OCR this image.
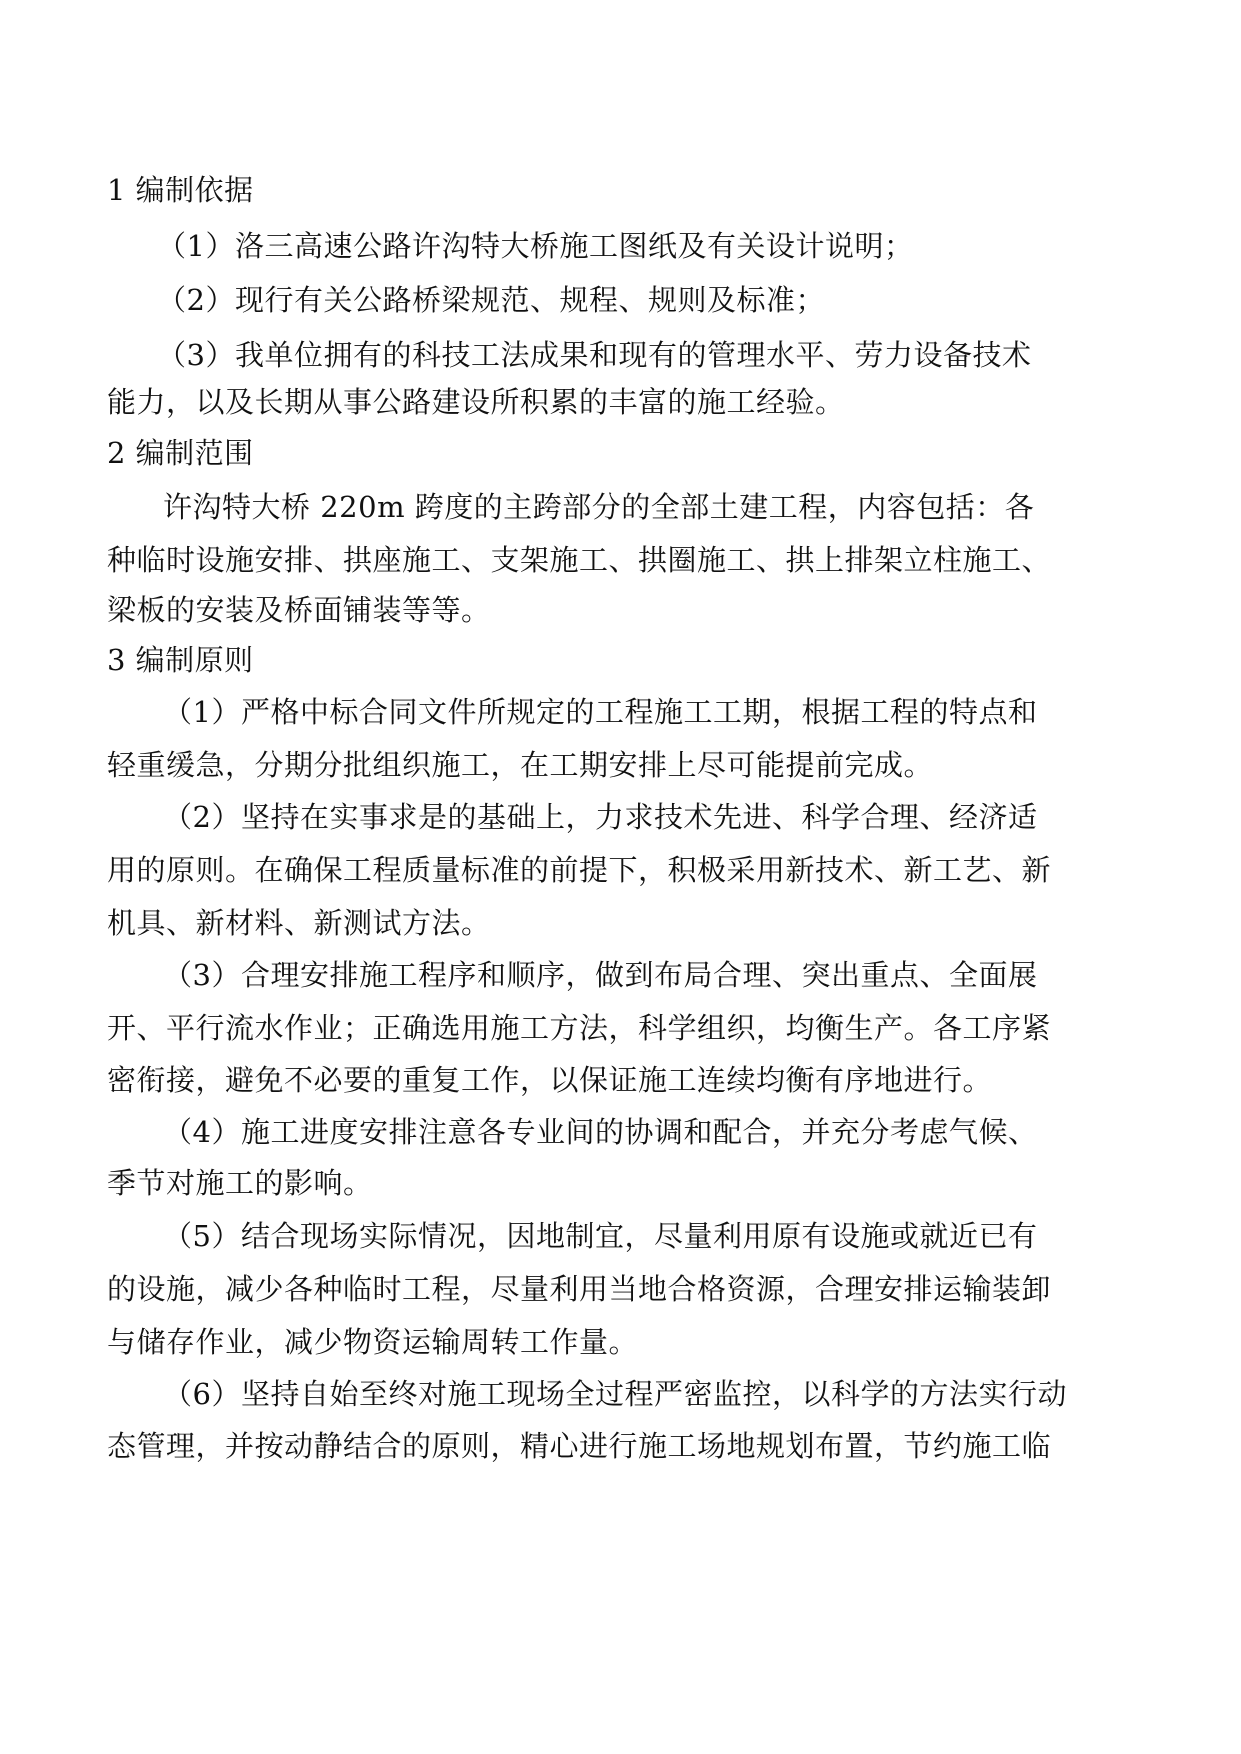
1 编制依据

（1）洛三高速公路许沟特大桥施工图纸及有关设计说明；

（2）现行有关公路桥梁规范、规程、规则及标准；

（3）我单位拥有的科技工法成果和现有的管理水平、劳力设备技术

能力，以及长期从事公路建设所积累的丰富的施工经验。

2 编制范围

许沟特大桥 220m 跨度的主跨部分的全部土建工程，内容包括：各

种临时设施安排、拱座施工、支架施工、拱圈施工、拱上排架立柱施工、

梁板的安装及桥面铺装等等。

3 编制原则

（1）严格中标合同文件所规定的工程施工工期，根据工程的特点和

轻重缓急，分期分批组织施工，在工期安排上尽可能提前完成。

（2）坚持在实事求是的基础上，力求技术先进、科学合理、经济适

用的原则。在确保工程质量标准的前提下，积极采用新技术、新工艺、新

机具、新材料、新测试方法。

（3）合理安排施工程序和顺序，做到布局合理、突出重点、全面展

开、平行流水作业；正确选用施工方法，科学组织，均衡生产。各工序紧

密衔接，避免不必要的重复工作，以保证施工连续均衡有序地进行。

（4）施工进度安排注意各专业间的协调和配合，并充分考虑气候、

季节对施工的影响。

（5）结合现场实际情况，因地制宜，尽量利用原有设施或就近已有

的设施，减少各种临时工程，尽量利用当地合格资源，合理安排运输装卸

与储存作业，减少物资运输周转工作量。

（6）坚持自始至终对施工现场全过程严密监控，以科学的方法实行动

态管理，并按动静结合的原则，精心进行施工场地规划布置，节约施工临
